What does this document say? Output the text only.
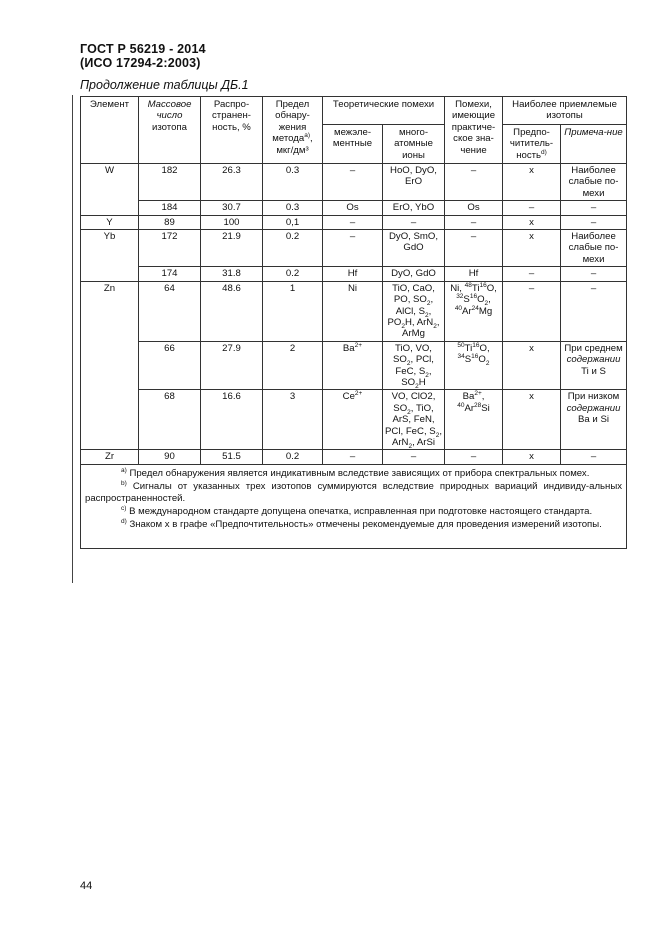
ГОСТ Р 56219 - 2014
(ИСО 17294-2:2003)
Продолжение таблицы ДБ.1
Элемент	Массовое
число
изотопа	Распро-странен-ность, %	Предел обнару-жения метода$^{a)}$, мкг/дм³	Теоретические помехи		Помехи, имеющие практиче-ское зна-чение	Наиболее приемлемые изотопы	
				межэле-ментные	много-атомные ионы		Предпо-чититель-ность$^{d)}$	Примеча-ние
W	182	26.3	0.3	–	HoO, DyO, ErO	–	x	Наиболее слабые по-мехи
	184	30.7	0.3	Os	ErO, YbO	Os	–	–
Y	89	100	0,1	–	–	–	x	–
Yb	172	21.9	0.2	–	DyO, SmO, GdO	–	x	Наиболее слабые по-мехи
	174	31.8	0.2	Hf	DyO, GdO	Hf	–	–
Zn	64	48.6	1	Ni	TiO, CaO,
PO, $SO_2$,
AlCl, $S_2$,
$PO_2H$, ArN$_2$,
ArMg	Ni, $^{48}$Ti$^{16}$O,
$^{32}S^{16}O_2$,
$^{40}$Ar$^{24}$Mg	–	–
	66	27.9	2	$Ba^{2+}$	TiO, VO,
$SO_2$, PCl,
FeC, $S_2$,
$SO_2H$	$^{50}$Ti$^{16}$O,
$^{34}S^{16}O_2$	x	При среднем
содержании
Ti и S
	68	16.6	3	$Ce^{2+}$	VO, ClO2,
$SO_2$, TiO,
ArS, FeN,
PCl, FeC, $S_2$,
ArN$_2$, ArSi	$Ba^{2+}$, $^{40}$Ar$^{28}$Si	x	При низком
содержании
Ba и Si
Zr	90	51.5	0.2	–	–	–	x	–

$^{a)}$ Предел обнаружения является индикативным вследствие зависящих от прибора спектральных помех.

$^{b)}$ Сигналы от указанных трех изотопов суммируются вследствие природных вариаций индивиду-альных распространенностей.

$^{c)}$ В международном стандарте допущена опечатка, исправленная при подготовке настоящего стандарта.

$^{d)}$ Знаком x в графе «Предпочтительность» отмечены рекомендуемые для проведения измерений изотопы.								

44
